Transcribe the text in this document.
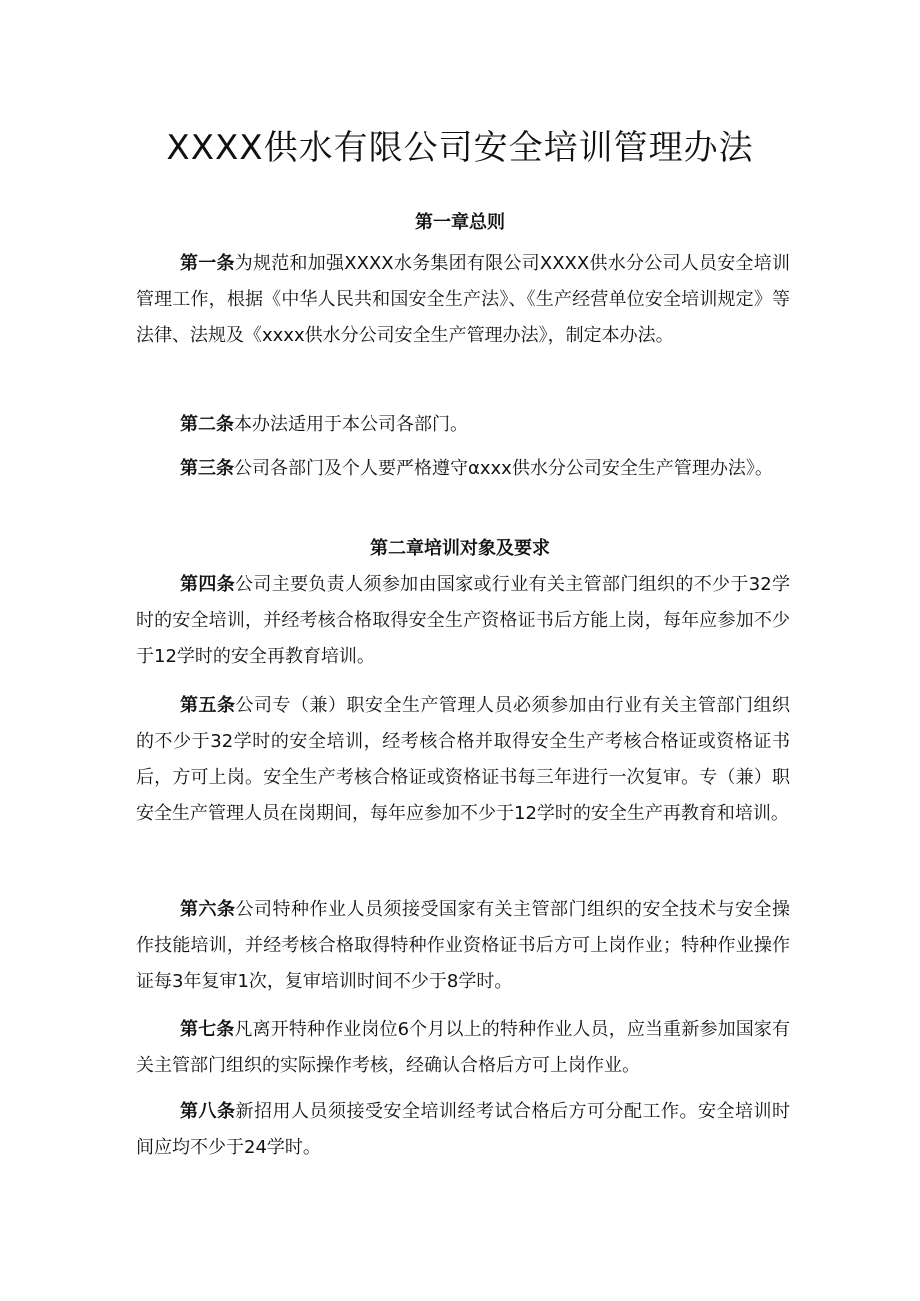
XXXX供水有限公司安全培训管理办法
第一章总则

第一条为规范和加强XXXX水务集团有限公司XXXX供水分公司人员安全培训管理工作，根据《中华人民共和国安全生产法》、《生产经营单位安全培训规定》等法律、法规及《xxxx供水分公司安全生产管理办法》，制定本办法。

第二条本办法适用于本公司各部门。

第三条公司各部门及个人要严格遵守αxxx供水分公司安全生产管理办法》。

第二章培训对象及要求

第四条公司主要负责人须参加由国家或行业有关主管部门组织的不少于32学时的安全培训，并经考核合格取得安全生产资格证书后方能上岗，每年应参加不少于12学时的安全再教育培训。

第五条公司专（兼）职安全生产管理人员必须参加由行业有关主管部门组织的不少于32学时的安全培训，经考核合格并取得安全生产考核合格证或资格证书后，方可上岗。安全生产考核合格证或资格证书每三年进行一次复审。专（兼）职安全生产管理人员在岗期间，每年应参加不少于12学时的安全生产再教育和培训。

第六条公司特种作业人员须接受国家有关主管部门组织的安全技术与安全操作技能培训，并经考核合格取得特种作业资格证书后方可上岗作业；特种作业操作证每3年复审1次，复审培训时间不少于8学时。

第七条凡离开特种作业岗位6个月以上的特种作业人员，应当重新参加国家有关主管部门组织的实际操作考核，经确认合格后方可上岗作业。

第八条新招用人员须接受安全培训经考试合格后方可分配工作。安全培训时间应均不少于24学时。
